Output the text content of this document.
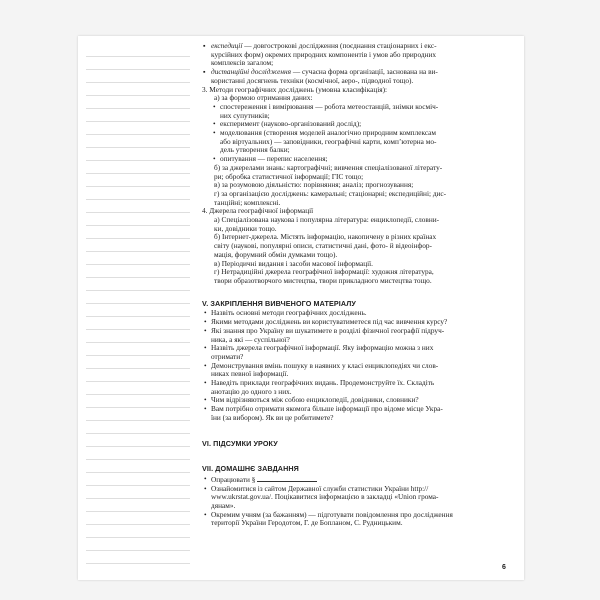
▪ експедиції — довгострокові дослідження (поєднання стаціонарних і екс-
курсійних форм) окремих природних компонентів і умов або природних
комплексів загалом;
▪ дистанційні дослідження — сучасна форма організації, заснована на ви-
користанні досягнень техніки (космічної, аеро-, підводної тощо).
3. Методи географічних досліджень (умовна класифікація):
а) за формою отримання даних:
• спостереження і вимірювання — робота метеостанцій, знімки косміч-
них супутників;
• експеримент (науково-організований дослід);
• моделювання (створення моделей аналогічно природним комплексам
або віртуальних) — заповідники, географічні карти, комп’ютерна мо-
дель утворення балки;
• опитування — перепис населення;
б) за джерелами знань: картографічні; вивчення спеціалізованої літерату-
ри; обробка статистичної інформації; ГІС тощо;
в) за розумовою діяльністю: порівняння; аналіз; прогнозування;
г) за організацією досліджень: камеральні; стаціонарні; експедиційні; дис-
танційні; комплексні.
4. Джерела географічної інформації
а) Спеціалізована наукова і популярна література: енциклопедії, словни-
ки, довідники тощо.
б) Інтернет-джерела. Містять інформацію, накопичену в різних країнах
світу (наукові, популярні описи, статистичні дані, фото- й відеоінфор-
мація, форумний обмін думками тощо).
в) Періодичні видання і засоби масової інформації.
г) Нетрадиційні джерела географічної інформації: художня література,
твори образотворчого мистецтва, твори прикладного мистецтва тощо.
V. ЗАКРІПЛЕННЯ ВИВЧЕНОГО МАТЕРІАЛУ
• Назвіть основні методи географічних досліджень.
• Якими методами досліджень ви користуватиметеся під час вивчення курсу?
• Які знання про Україну ви шукатимете в розділі фізичної географії підруч-
ника, а які — суспільної?
• Назвіть джерела географічної інформації. Яку інформацію можна з них
отримати?
• Демонстрування вмінь пошуку в наявних у класі енциклопедіях чи слов-
никах певної інформації.
• Наведіть приклади географічних видань. Продемонструйте їх. Складіть
анотацію до одного з них.
• Чим відрізняються між собою енциклопедії, довідники, словники?
• Вам потрібно отримати якомога більше інформації про відоме місце Укра-
їни (за вибором). Як ви це робитимете?
VI. ПІДСУМКИ УРОКУ
VII. ДОМАШНЄ ЗАВДАННЯ
• Опрацювати §
• Ознайомитися із сайтом Державної служби статистики України http://
www.ukrstat.gov.ua/. Поцікавитися інформацією в закладці «Union грома-
дянам».
• Окремим учням (за бажанням) — підготувати повідомлення про дослідження
території України Геродотом, Г. де Бопланом, С. Рудницьким.
6
